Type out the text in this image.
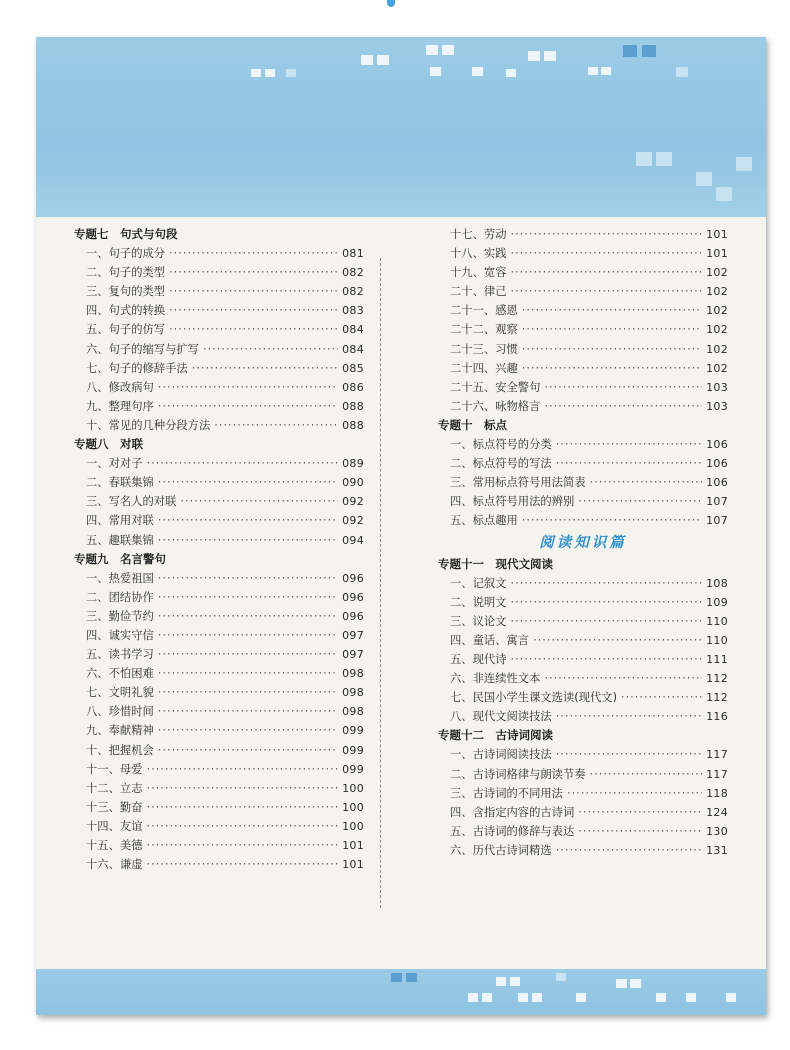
专题七　句式与句段
一、句子的成分 ·····	081
二、句子的类型 ·····	082
三、复句的类型 ·····	082
四、句式的转换 ·····	083
五、句子的仿写 ·····	084
六、句子的缩写与扩写 ·····	084
七、句子的修辞手法 ·····	085
八、修改病句 ·····	086
九、整理句序 ·····	088
十、常见的几种分段方法 ·····	088
专题八　对联
一、对对子 ·····	089
二、春联集锦 ·····	090
三、写名人的对联 ·····	092
四、常用对联 ·····	092
五、趣联集锦 ·····	094
专题九　名言警句
一、热爱祖国 ·····	096
二、团结协作 ·····	096
三、勤俭节约 ·····	096
四、诚实守信 ·····	097
五、读书学习 ·····	097
六、不怕困难 ·····	098
七、文明礼貌 ·····	098
八、珍惜时间 ·····	098
九、奉献精神 ·····	099
十、把握机会 ·····	099
十一、母爱 ·····	099
十二、立志 ·····	100
十三、勤奋 ·····	100
十四、友谊 ·····	100
十五、美德 ·····	101
十六、谦虚 ·····	101
十七、劳动 ·····	101
十八、实践 ·····	101
十九、宽容 ·····	102
二十、律己 ·····	102
二十一、感恩 ·····	102
二十二、观察 ·····	102
二十三、习惯 ·····	102
二十四、兴趣 ·····	102
二十五、安全警句 ·····	103
二十六、咏物格言 ·····	103
专题十　标点
一、标点符号的分类 ·····	106
二、标点符号的写法 ·····	106
三、常用标点符号用法简表 ·····	106
四、标点符号用法的辨别 ·····	107
五、标点趣用 ·····	107
阅读知识篇
专题十一　现代文阅读
一、记叙文 ·····	108
二、说明文 ·····	109
三、议论文 ·····	110
四、童话、寓言 ·····	110
五、现代诗 ·····	111
六、非连续性文本 ·····	112
七、民国小学生课文选读(现代文) ·····	112
八、现代文阅读技法 ·····	116
专题十二　古诗词阅读
一、古诗词阅读技法 ·····	117
二、古诗词格律与朗读节奏 ·····	117
三、古诗词的不同用法 ·····	118
四、含指定内容的古诗词 ·····	124
五、古诗词的修辞与表达 ·····	130
六、历代古诗词精选 ·····	131
